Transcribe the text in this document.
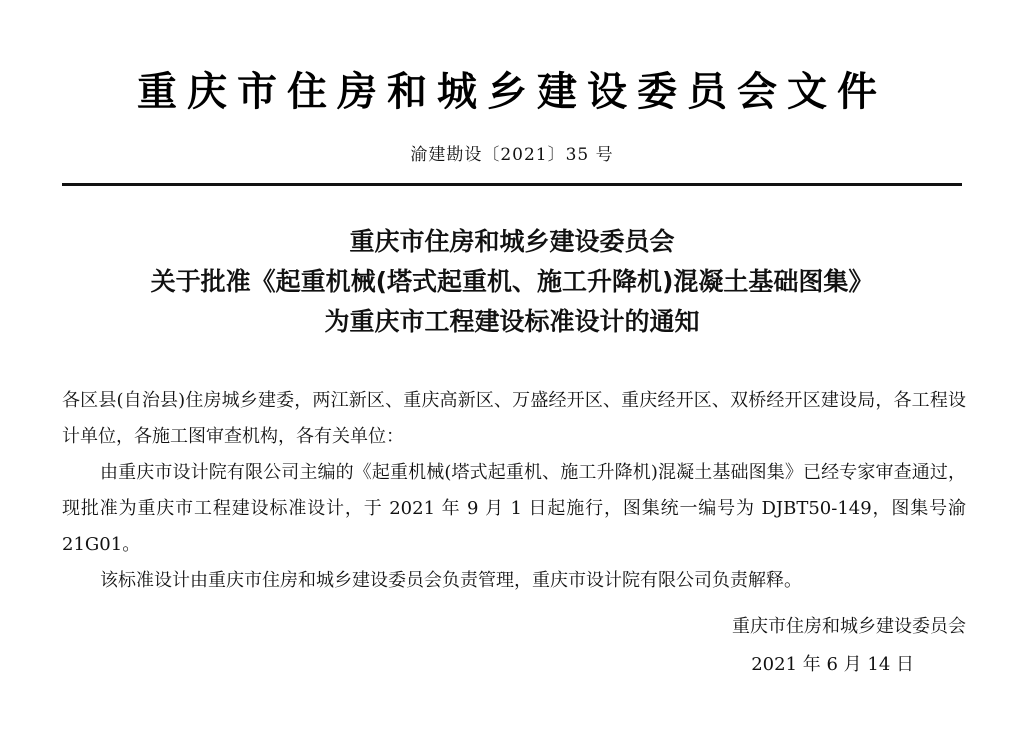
重庆市住房和城乡建设委员会文件
渝建勘设〔2021〕35 号
重庆市住房和城乡建设委员会
关于批准《起重机械(塔式起重机、施工升降机)混凝土基础图集》
为重庆市工程建设标准设计的通知

各区县(自治县)住房城乡建委，两江新区、重庆高新区、万盛经开区、重庆经开区、双桥经开区建设局，各工程设计单位，各施工图审查机构，各有关单位：

由重庆市设计院有限公司主编的《起重机械(塔式起重机、施工升降机)混凝土基础图集》已经专家审查通过，现批准为重庆市工程建设标准设计，于 2021 年 9 月 1 日起施行，图集统一编号为 DJBT50-149，图集号渝 21G01。

该标准设计由重庆市住房和城乡建设委员会负责管理，重庆市设计院有限公司负责解释。

重庆市住房和城乡建设委员会
2021 年 6 月 14 日
